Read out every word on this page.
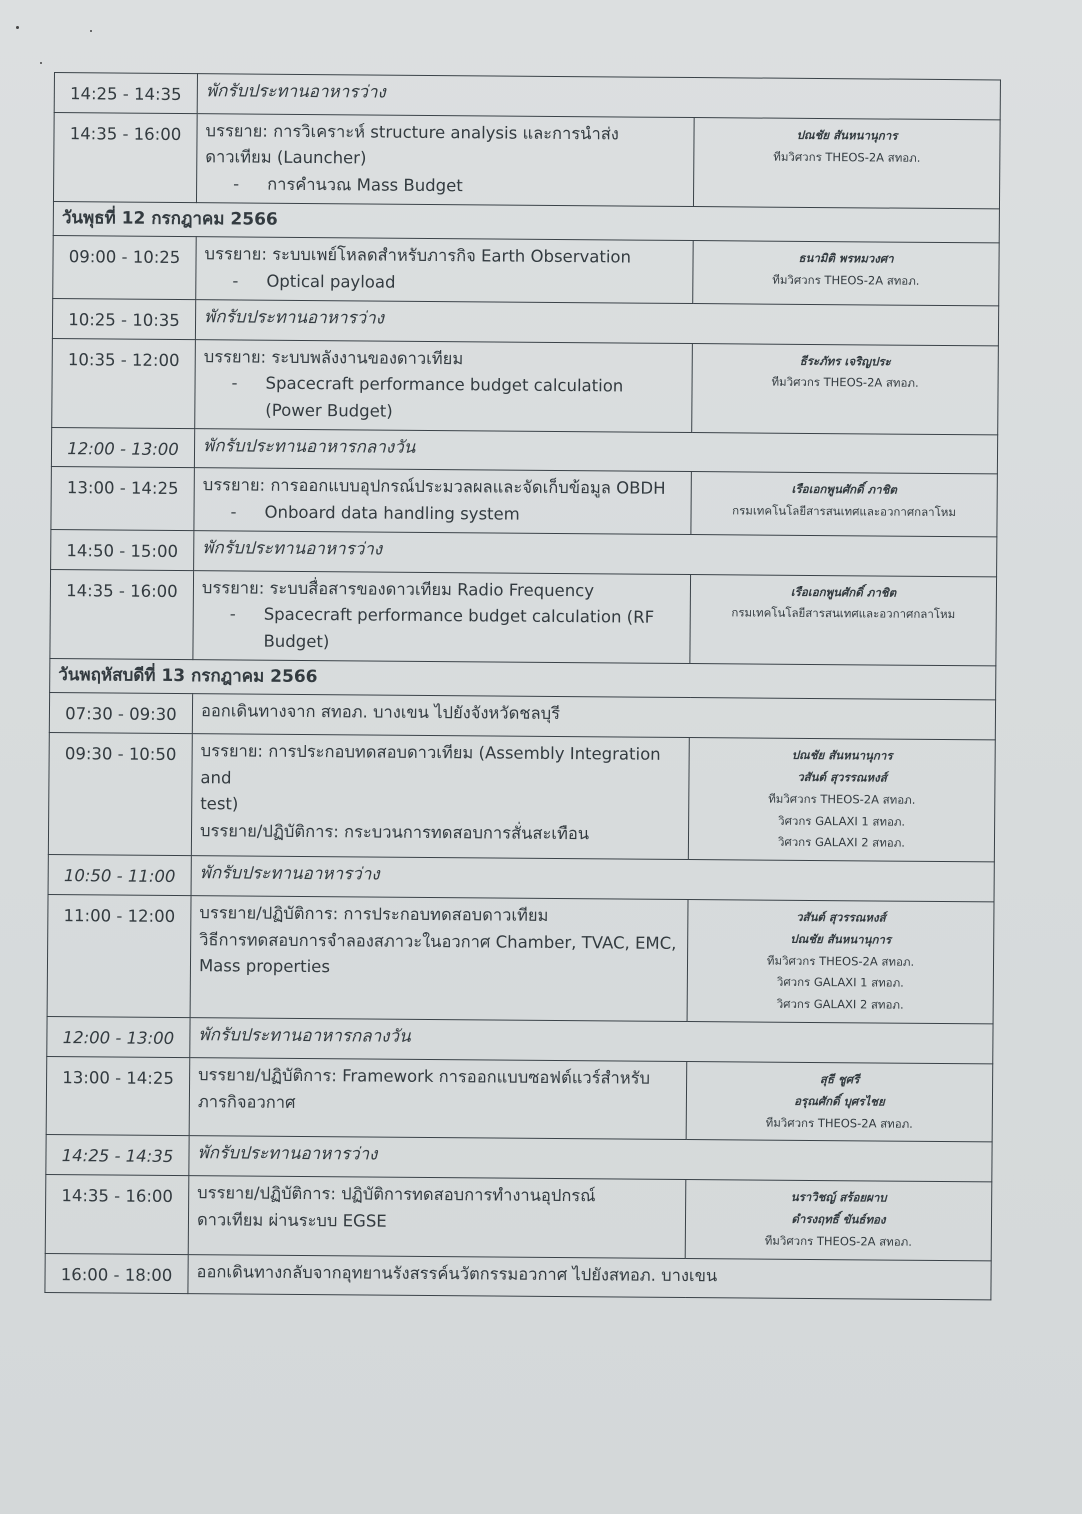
14:25 - 14:35	พักรับประทานอาหารว่าง	
14:35 - 16:00	บรรยาย: การวิเคราะห์ structure analysis และการนำส่ง
ดาวเทียม (Launcher)
- การคำนวณ Mass Budget	ปณชัย สันหนานุการ
ทีมวิศวกร THEOS-2A สทอภ.

วันพุธที่ 12 กรกฎาคม 2566		
09:00 - 10:25	บรรยาย: ระบบเพย์โหลดสำหรับภารกิจ Earth Observation
- Optical payload	ธนามิติ พรหมวงศา
ทีมวิศวกร THEOS-2A สทอภ.

10:25 - 10:35	พักรับประทานอาหารว่าง	
10:35 - 12:00	บรรยาย: ระบบพลังงานของดาวเทียม
- Spacecraft performance budget calculation
(Power Budget)	ธีระภัทร เจริญประ
ทีมวิศวกร THEOS-2A สทอภ.

12:00 - 13:00	พักรับประทานอาหารกลางวัน	
13:00 - 14:25	บรรยาย: การออกแบบอุปกรณ์ประมวลผลและจัดเก็บข้อมูล OBDH
- Onboard data handling system	เรือเอกพูนศักดิ์ ภาชิต
กรมเทคโนโลยีสารสนเทศและอวกาศกลาโหม

14:50 - 15:00	พักรับประทานอาหารว่าง	
14:35 - 16:00	บรรยาย: ระบบสื่อสารของดาวเทียม Radio Frequency
- Spacecraft performance budget calculation (RF
Budget)	เรือเอกพูนศักดิ์ ภาชิต
กรมเทคโนโลยีสารสนเทศและอวกาศกลาโหม

วันพฤหัสบดีที่ 13 กรกฎาคม 2566		
07:30 - 09:30	ออกเดินทางจาก สทอภ. บางเขน ไปยังจังหวัดชลบุรี	
09:30 - 10:50	บรรยาย: การประกอบทดสอบดาวเทียม (Assembly Integration and
test)
บรรยาย/ปฏิบัติการ: กระบวนการทดสอบการสั่นสะเทือน	ปณชัย สันหนานุการ
วสันต์ สุวรรณหงส์
ทีมวิศวกร THEOS-2A สทอภ.
วิศวกร GALAXI 1 สทอภ.
วิศวกร GALAXI 2 สทอภ.

10:50 - 11:00	พักรับประทานอาหารว่าง	
11:00 - 12:00	บรรยาย/ปฏิบัติการ: การประกอบทดสอบดาวเทียม
วิธีการทดสอบการจำลองสภาวะในอวกาศ Chamber, TVAC, EMC,
Mass properties	วสันต์ สุวรรณหงส์
ปณชัย สันหนานุการ
ทีมวิศวกร THEOS-2A สทอภ.
วิศวกร GALAXI 1 สทอภ.
วิศวกร GALAXI 2 สทอภ.

12:00 - 13:00	พักรับประทานอาหารกลางวัน	
13:00 - 14:25	บรรยาย/ปฏิบัติการ: Framework การออกแบบซอฟต์แวร์สำหรับ
ภารกิจอวกาศ	สุธี ชูศรี
อรุณศักดิ์ บุศรไชย
ทีมวิศวกร THEOS-2A สทอภ.

14:25 - 14:35	พักรับประทานอาหารว่าง	
14:35 - 16:00	บรรยาย/ปฏิบัติการ: ปฏิบัติการทดสอบการทำงานอุปกรณ์
ดาวเทียม ผ่านระบบ EGSE	นราวิชญ์ สร้อยผาบ
ดำรงฤทธิ์ ขันธ์ทอง
ทีมวิศวกร THEOS-2A สทอภ.

16:00 - 18:00	ออกเดินทางกลับจากอุทยานรังสรรค์นวัตกรรมอวกาศ ไปยังสทอภ. บางเขน	
